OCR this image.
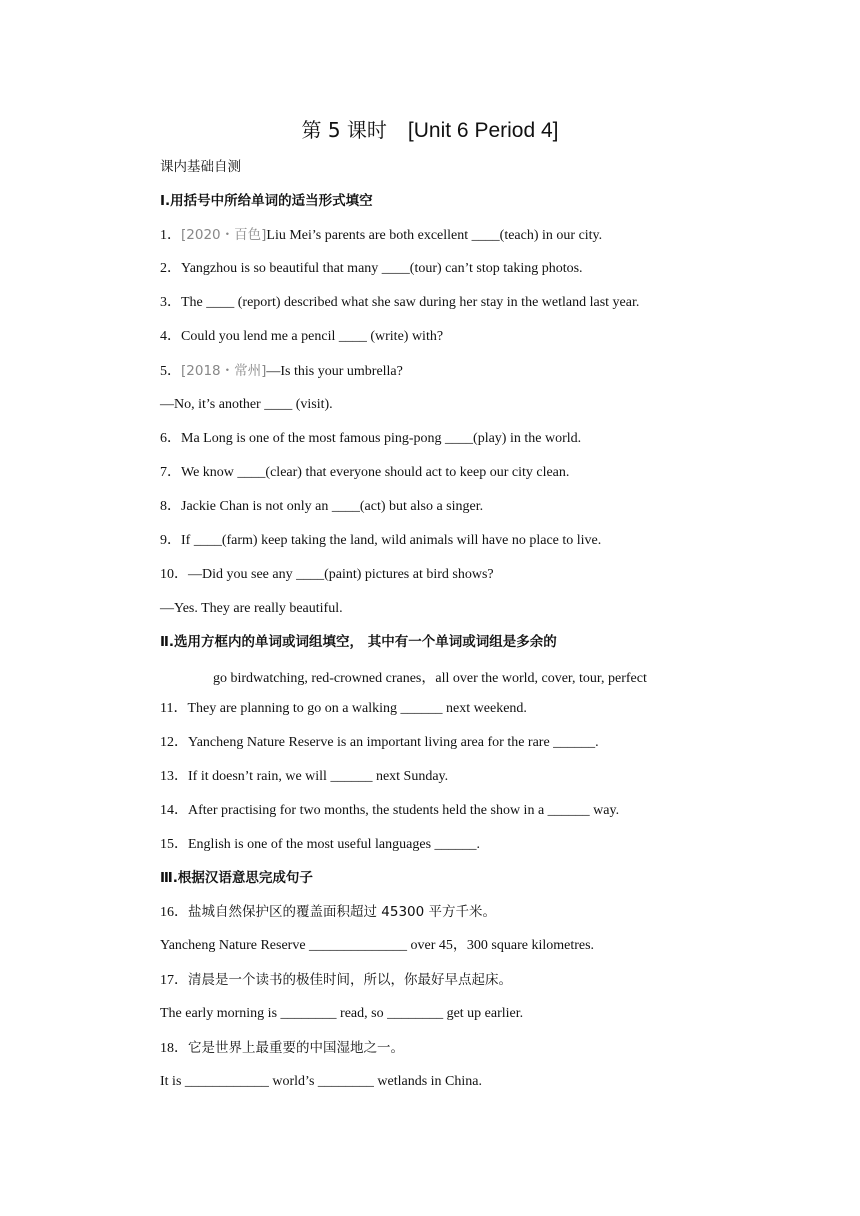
第 5 课时 [Unit 6 Period 4]
课内基础自测
Ⅰ.用括号中所给单词的适当形式填空
1．[2020・百色]Liu Mei’s parents are both excellent ____(teach) in our city.
2．Yangzhou is so beautiful that many ____(tour) can’t stop taking photos.
3．The ____ (report) described what she saw during her stay in the wetland last year.
4．Could you lend me a pencil ____ (write) with?
5．[2018・常州]—Is this your umbrella?
—No, it’s another ____ (visit).
6．Ma Long is one of the most famous ping-pong ____(play) in the world.
7．We know ____(clear) that everyone should act to keep our city clean.
8．Jackie Chan is not only an ____(act) but also a singer.
9．If ____(farm) keep taking the land, wild animals will have no place to live.
10．—Did you see any ____(paint) pictures at bird shows?
—Yes. They are really beautiful.
Ⅱ.选用方框内的单词或词组填空， 其中有一个单词或词组是多余的
go birdwatching, red-crowned cranes，all over the world, cover, tour, perfect
11．They are planning to go on a walking ______ next weekend.
12．Yancheng Nature Reserve is an important living area for the rare ______.
13．If it doesn’t rain, we will ______ next Sunday.
14．After practising for two months, the students held the show in a ______ way.
15．English is one of the most useful languages ______.
Ⅲ.根据汉语意思完成句子
16．盐城自然保护区的覆盖面积超过 45300 平方千米。
Yancheng Nature Reserve ______________ over 45，300 square kilometres.
17．清晨是一个读书的极佳时间，所以，你最好早点起床。
The early morning is ________ read, so ________ get up earlier.
18．它是世界上最重要的中国湿地之一。
It is ____________ world’s ________ wetlands in China.
